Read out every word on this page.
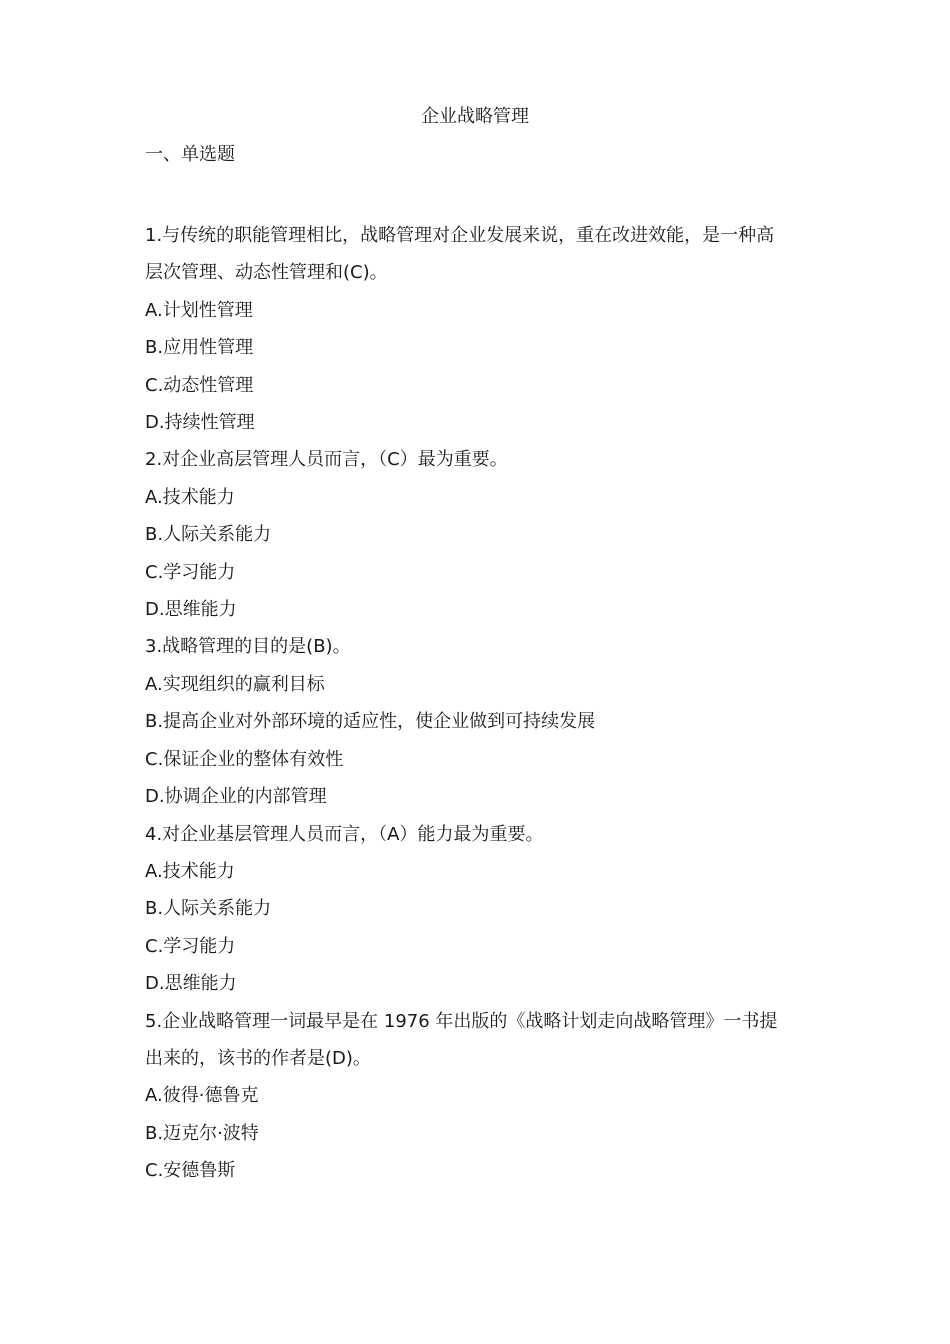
企业战略管理
一、单选题

1.与传统的职能管理相比，战略管理对企业发展来说，重在改进效能，是一种高

层次管理、动态性管理和(C)。

A.计划性管理

B.应用性管理

C.动态性管理

D.持续性管理

2.对企业高层管理人员而言，（C）最为重要。

A.技术能力

B.人际关系能力

C.学习能力

D.思维能力

3.战略管理的目的是(B)。

A.实现组织的赢利目标

B.提高企业对外部环境的适应性，使企业做到可持续发展

C.保证企业的整体有效性

D.协调企业的内部管理

4.对企业基层管理人员而言，（A）能力最为重要。

A.技术能力

B.人际关系能力

C.学习能力

D.思维能力

5.企业战略管理一词最早是在 1976 年出版的《战略计划走向战略管理》一书提

出来的，该书的作者是(D)。

A.彼得·德鲁克

B.迈克尔·波特

C.安德鲁斯
